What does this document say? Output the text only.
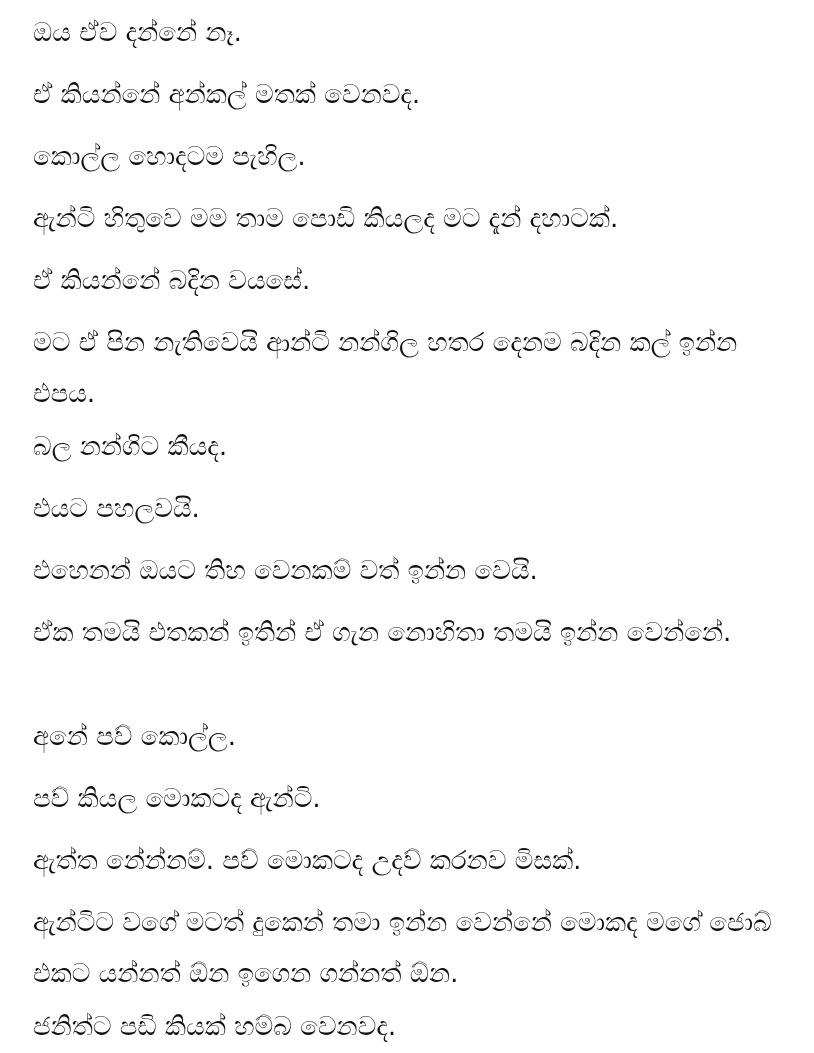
ඔය ඒව දන්නේ නෑ.

ඒ කියන්නේ අන්කල් මතක් වෙනවද.

කොල්ල හොදටම පැහිල.

ඇන්ටි හිතුවෙ මම තාම පොඩි කියලද මට දැන් දහාටක්.

ඒ කියන්නේ බදින වයසේ.

මට ඒ පින නැතිවෙයි ආන්ටි නන්ගිල හතර දෙනම බදින කල් ඉන්න එපය.

බල නන්ගිට කීයද.

එයට පහලවයි.

එහෙනන් ඔයට තිහ වෙනකම් වත් ඉන්න වෙයි.

ඒක තමයි එතකන් ඉතින් ඒ ගැන නොහිතා තමයි ඉන්න වෙන්නේ.

අනේ පව් කොල්ල.

පව් කියල මොකටද ඇන්ටි.

ඇත්ත නේන්නම්. පව් මොකටද උදව් කරනව මිසක්.

ඇන්ටිට වගේ මටත් දුකෙන් තමා ඉන්න වෙන්නේ මොකද මගේ ජොබ් එකට යන්නත් ඕන ඉගෙන ගන්නත් ඕන.

ජනිත්ට පඩි කියක් හම්බ වෙනවද.
